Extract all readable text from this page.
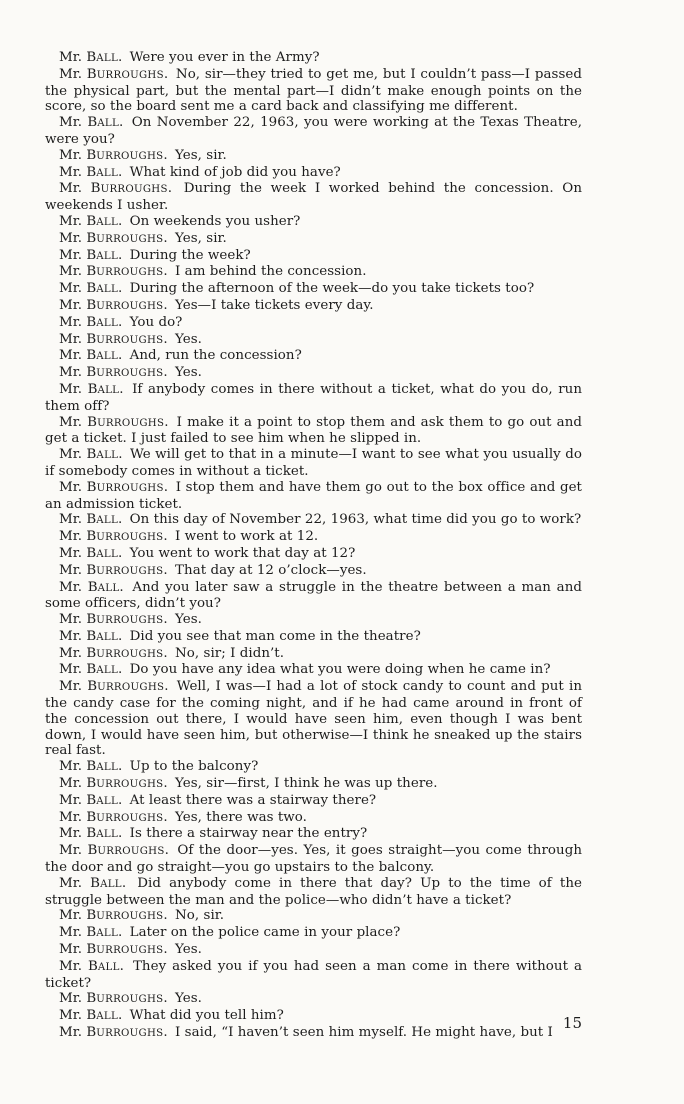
Mr. BALL. Were you ever in the Army?

Mr. BURROUGHS. No, sir—they tried to get me, but I couldn’t pass—I passed the physical part, but the mental part—I didn’t make enough points on the score, so the board sent me a card back and classifying me different.

Mr. BALL. On November 22, 1963, you were working at the Texas Theatre, were you?

Mr. BURROUGHS. Yes, sir.

Mr. BALL. What kind of job did you have?

Mr. BURROUGHS. During the week I worked behind the concession. On weekends I usher.

Mr. BALL. On weekends you usher?

Mr. BURROUGHS. Yes, sir.

Mr. BALL. During the week?

Mr. BURROUGHS. I am behind the concession.

Mr. BALL. During the afternoon of the week—do you take tickets too?

Mr. BURROUGHS. Yes—I take tickets every day.

Mr. BALL. You do?

Mr. BURROUGHS. Yes.

Mr. BALL. And, run the concession?

Mr. BURROUGHS. Yes.

Mr. BALL. If anybody comes in there without a ticket, what do you do, run them off?

Mr. BURROUGHS. I make it a point to stop them and ask them to go out and get a ticket. I just failed to see him when he slipped in.

Mr. BALL. We will get to that in a minute—I want to see what you usually do if somebody comes in without a ticket.

Mr. BURROUGHS. I stop them and have them go out to the box office and get an admission ticket.

Mr. BALL. On this day of November 22, 1963, what time did you go to work?

Mr. BURROUGHS. I went to work at 12.

Mr. BALL. You went to work that day at 12?

Mr. BURROUGHS. That day at 12 o’clock—yes.

Mr. BALL. And you later saw a struggle in the theatre between a man and some officers, didn’t you?

Mr. BURROUGHS. Yes.

Mr. BALL. Did you see that man come in the theatre?

Mr. BURROUGHS. No, sir; I didn’t.

Mr. BALL. Do you have any idea what you were doing when he came in?

Mr. BURROUGHS. Well, I was—I had a lot of stock candy to count and put in the candy case for the coming night, and if he had came around in front of the concession out there, I would have seen him, even though I was bent down, I would have seen him, but otherwise—I think he sneaked up the stairs real fast.

Mr. BALL. Up to the balcony?

Mr. BURROUGHS. Yes, sir—first, I think he was up there.

Mr. BALL. At least there was a stairway there?

Mr. BURROUGHS. Yes, there was two.

Mr. BALL. Is there a stairway near the entry?

Mr. BURROUGHS. Of the door—yes. Yes, it goes straight—you come through the door and go straight—you go upstairs to the balcony.

Mr. BALL. Did anybody come in there that day? Up to the time of the struggle between the man and the police—who didn’t have a ticket?

Mr. BURROUGHS. No, sir.

Mr. BALL. Later on the police came in your place?

Mr. BURROUGHS. Yes.

Mr. BALL. They asked you if you had seen a man come in there without a ticket?

Mr. BURROUGHS. Yes.

Mr. BALL. What did you tell him?

Mr. BURROUGHS. I said, “I haven’t seen him myself. He might have, but I

15
